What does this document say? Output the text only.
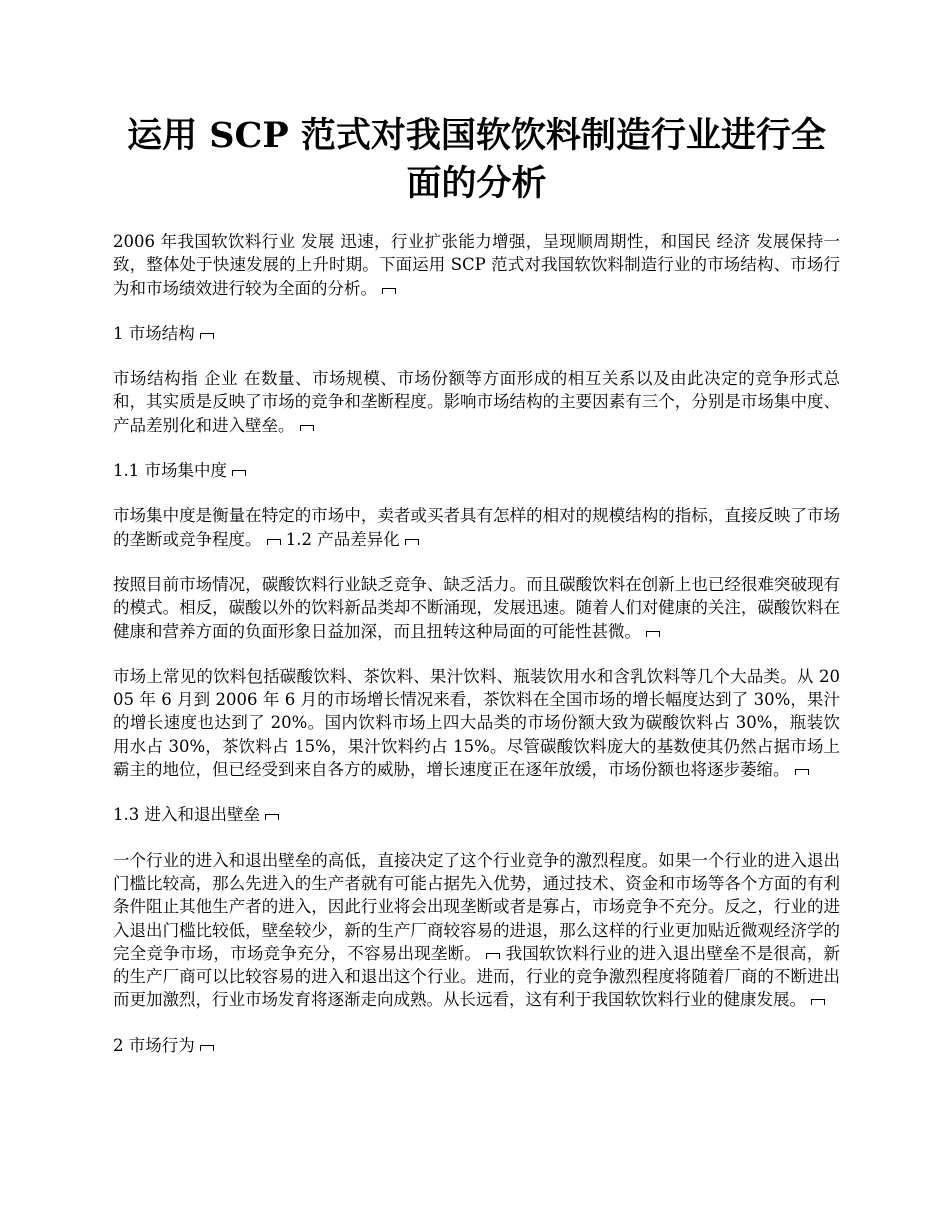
运用 SCP 范式对我国软饮料制造行业进行全面的分析

2006 年我国软饮料行业 发展 迅速，行业扩张能力增强，呈现顺周期性，和国民 经济 发展保持一致，整体处于快速发展的上升时期。下面运用 SCP 范式对我国软饮料制造行业的市场结构、市场行为和市场绩效进行较为全面的分析。

1 市场结构

市场结构指 企业 在数量、市场规模、市场份额等方面形成的相互关系以及由此决定的竞争形式总和，其实质是反映了市场的竞争和垄断程度。影响市场结构的主要因素有三个，分别是市场集中度、产品差别化和进入壁垒。

1.1 市场集中度

市场集中度是衡量在特定的市场中，卖者或买者具有怎样的相对的规模结构的指标，直接反映了市场的垄断或竞争程度。 1.2 产品差异化

按照目前市场情况，碳酸饮料行业缺乏竞争、缺乏活力。而且碳酸饮料在创新上也已经很难突破现有的模式。相反，碳酸以外的饮料新品类却不断涌现，发展迅速。随着人们对健康的关注，碳酸饮料在健康和营养方面的负面形象日益加深，而且扭转这种局面的可能性甚微。

市场上常见的饮料包括碳酸饮料、茶饮料、果汁饮料、瓶装饮用水和含乳饮料等几个大品类。从 2005 年 6 月到 2006 年 6 月的市场增长情况来看，茶饮料在全国市场的增长幅度达到了 30%，果汁的增长速度也达到了 20%。国内饮料市场上四大品类的市场份额大致为碳酸饮料占 30%，瓶装饮用水占 30%，茶饮料占 15%，果汁饮料约占 15%。尽管碳酸饮料庞大的基数使其仍然占据市场上霸主的地位，但已经受到来自各方的威胁，增长速度正在逐年放缓，市场份额也将逐步萎缩。

1.3 进入和退出壁垒

一个行业的进入和退出壁垒的高低，直接决定了这个行业竞争的激烈程度。如果一个行业的进入退出门槛比较高，那么先进入的生产者就有可能占据先入优势，通过技术、资金和市场等各个方面的有利条件阻止其他生产者的进入，因此行业将会出现垄断或者是寡占，市场竞争不充分。反之，行业的进入退出门槛比较低，壁垒较少，新的生产厂商较容易的进退，那么这样的行业更加贴近微观经济学的完全竞争市场，市场竞争充分，不容易出现垄断。 我国软饮料行业的进入退出壁垒不是很高，新的生产厂商可以比较容易的进入和退出这个行业。进而，行业的竞争激烈程度将随着厂商的不断进出而更加激烈，行业市场发育将逐渐走向成熟。从长远看，这有利于我国软饮料行业的健康发展。

2 市场行为
